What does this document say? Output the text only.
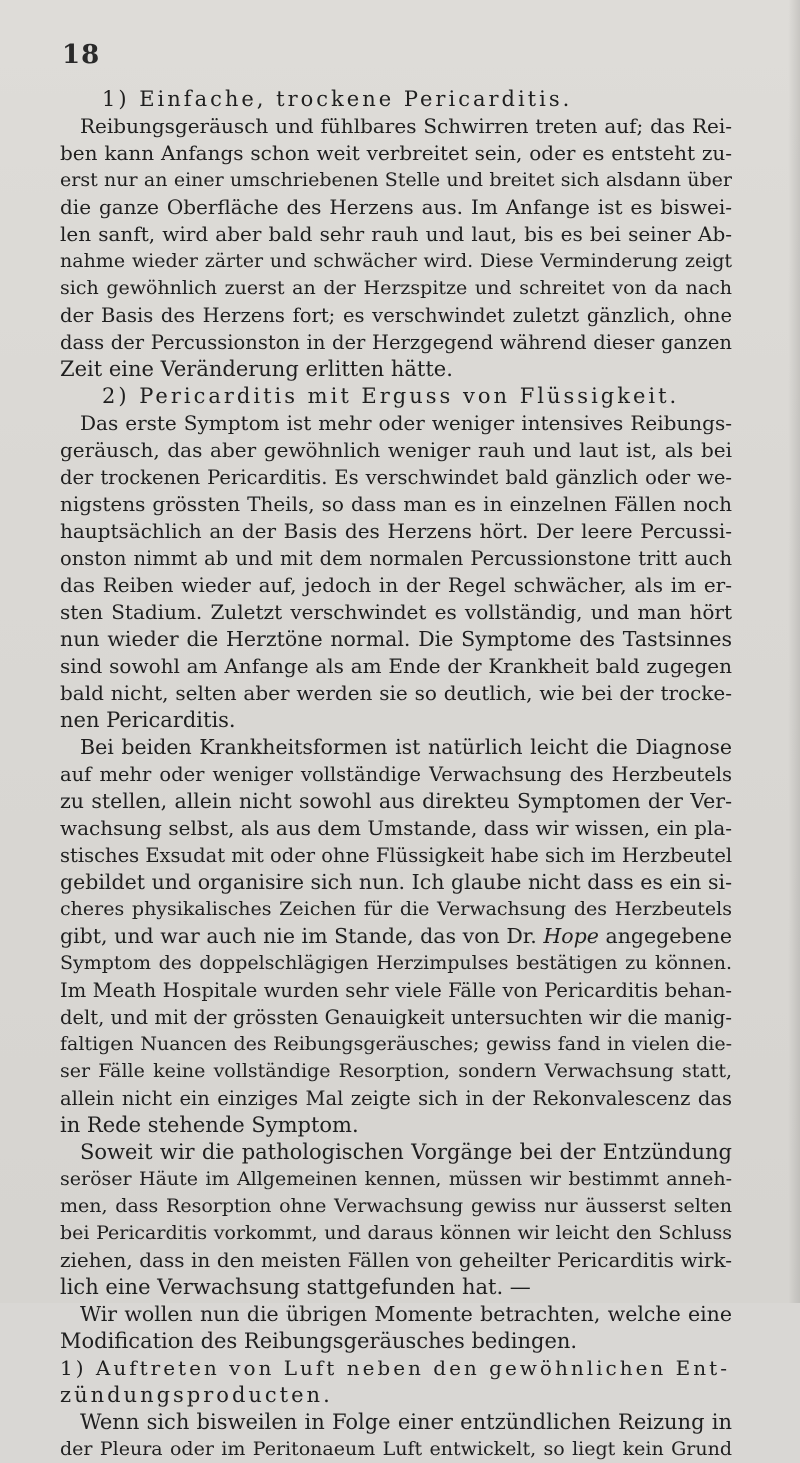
18
1) Einfache, trockene Pericarditis.
Reibungsgeräusch und fühlbares Schwirren treten auf; das Rei-
ben kann Anfangs schon weit verbreitet sein, oder es entsteht zu-
erst nur an einer umschriebenen Stelle und breitet sich alsdann über
die ganze Oberfläche des Herzens aus. Im Anfange ist es biswei-
len sanft, wird aber bald sehr rauh und laut, bis es bei seiner Ab-
nahme wieder zärter und schwächer wird. Diese Verminderung zeigt
sich gewöhnlich zuerst an der Herzspitze und schreitet von da nach
der Basis des Herzens fort; es verschwindet zuletzt gänzlich, ohne
dass der Percussionston in der Herzgegend während dieser ganzen
Zeit eine Veränderung erlitten hätte.
2) Pericarditis mit Erguss von Flüssigkeit.
Das erste Symptom ist mehr oder weniger intensives Reibungs-
geräusch, das aber gewöhnlich weniger rauh und laut ist, als bei
der trockenen Pericarditis. Es verschwindet bald gänzlich oder we-
nigstens grössten Theils, so dass man es in einzelnen Fällen noch
hauptsächlich an der Basis des Herzens hört. Der leere Percussi-
onston nimmt ab und mit dem normalen Percussionstone tritt auch
das Reiben wieder auf, jedoch in der Regel schwächer, als im er-
sten Stadium. Zuletzt verschwindet es vollständig, und man hört
nun wieder die Herztöne normal. Die Symptome des Tastsinnes
sind sowohl am Anfange als am Ende der Krankheit bald zugegen
bald nicht, selten aber werden sie so deutlich, wie bei der trocke-
nen Pericarditis.
Bei beiden Krankheitsformen ist natürlich leicht die Diagnose
auf mehr oder weniger vollständige Verwachsung des Herzbeutels
zu stellen, allein nicht sowohl aus direkteu Symptomen der Ver-
wachsung selbst, als aus dem Umstande, dass wir wissen, ein pla-
stisches Exsudat mit oder ohne Flüssigkeit habe sich im Herzbeutel
gebildet und organisire sich nun. Ich glaube nicht dass es ein si-
cheres physikalisches Zeichen für die Verwachsung des Herzbeutels
gibt, und war auch nie im Stande, das von Dr. Hope angegebene
Symptom des doppelschlägigen Herzimpulses bestätigen zu können.
Im Meath Hospitale wurden sehr viele Fälle von Pericarditis behan-
delt, und mit der grössten Genauigkeit untersuchten wir die manig-
faltigen Nuancen des Reibungsgeräusches; gewiss fand in vielen die-
ser Fälle keine vollständige Resorption, sondern Verwachsung statt,
allein nicht ein einziges Mal zeigte sich in der Rekonvalescenz das
in Rede stehende Symptom.
Soweit wir die pathologischen Vorgänge bei der Entzündung
seröser Häute im Allgemeinen kennen, müssen wir bestimmt anneh-
men, dass Resorption ohne Verwachsung gewiss nur äusserst selten
bei Pericarditis vorkommt, und daraus können wir leicht den Schluss
ziehen, dass in den meisten Fällen von geheilter Pericarditis wirk-
lich eine Verwachsung stattgefunden hat. —
Wir wollen nun die übrigen Momente betrachten, welche eine
Modification des Reibungsgeräusches bedingen.
1) Auftreten von Luft neben den gewöhnlichen Ent-
zündungsproducten.
Wenn sich bisweilen in Folge einer entzündlichen Reizung in
der Pleura oder im Peritonaeum Luft entwickelt, so liegt kein Grund
